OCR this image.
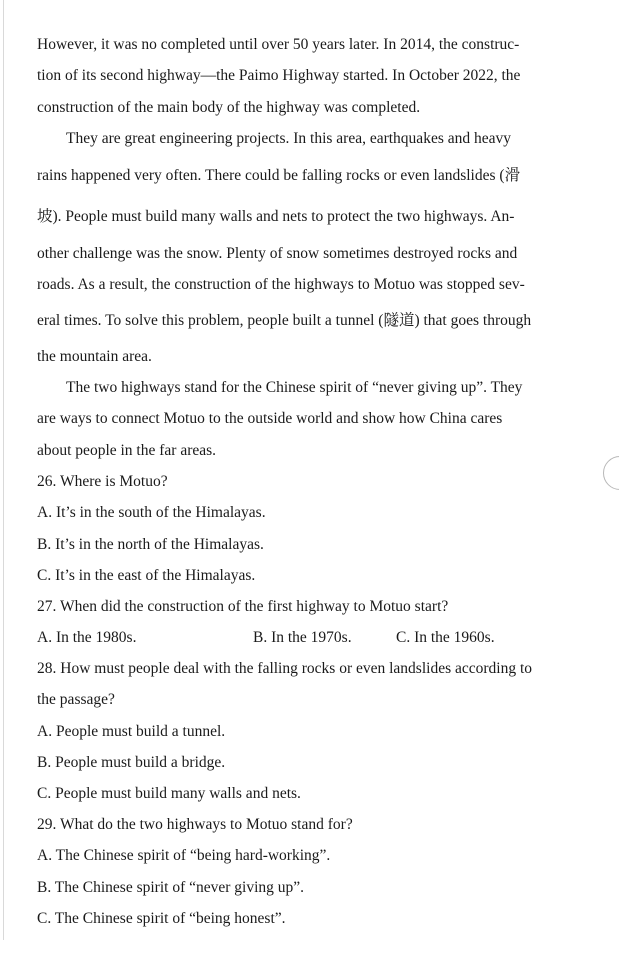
However, it was no completed until over 50 years later. In 2014, the construc-
tion of its second highway—the Paimo Highway started. In October 2022, the
construction of the main body of the highway was completed.
They are great engineering projects. In this area, earthquakes and heavy
rains happened very often. There could be falling rocks or even landslides (滑
坡). People must build many walls and nets to protect the two highways. An-
other challenge was the snow. Plenty of snow sometimes destroyed rocks and
roads. As a result, the construction of the highways to Motuo was stopped sev-
eral times. To solve this problem, people built a tunnel (隧道) that goes through
the mountain area.
The two highways stand for the Chinese spirit of “never giving up”. They
are ways to connect Motuo to the outside world and show how China cares
about people in the far areas.
26. Where is Motuo?
A. It’s in the south of the Himalayas.
B. It’s in the north of the Himalayas.
C. It’s in the east of the Himalayas.
27. When did the construction of the first highway to Motuo start?
A. In the 1980s.	B. In the 1970s.	C. In the 1960s.
28. How must people deal with the falling rocks or even landslides according to
the passage?
A. People must build a tunnel.
B. People must build a bridge.
C. People must build many walls and nets.
29. What do the two highways to Motuo stand for?
A. The Chinese spirit of “being hard-working”.
B. The Chinese spirit of “never giving up”.
C. The Chinese spirit of “being honest”.
